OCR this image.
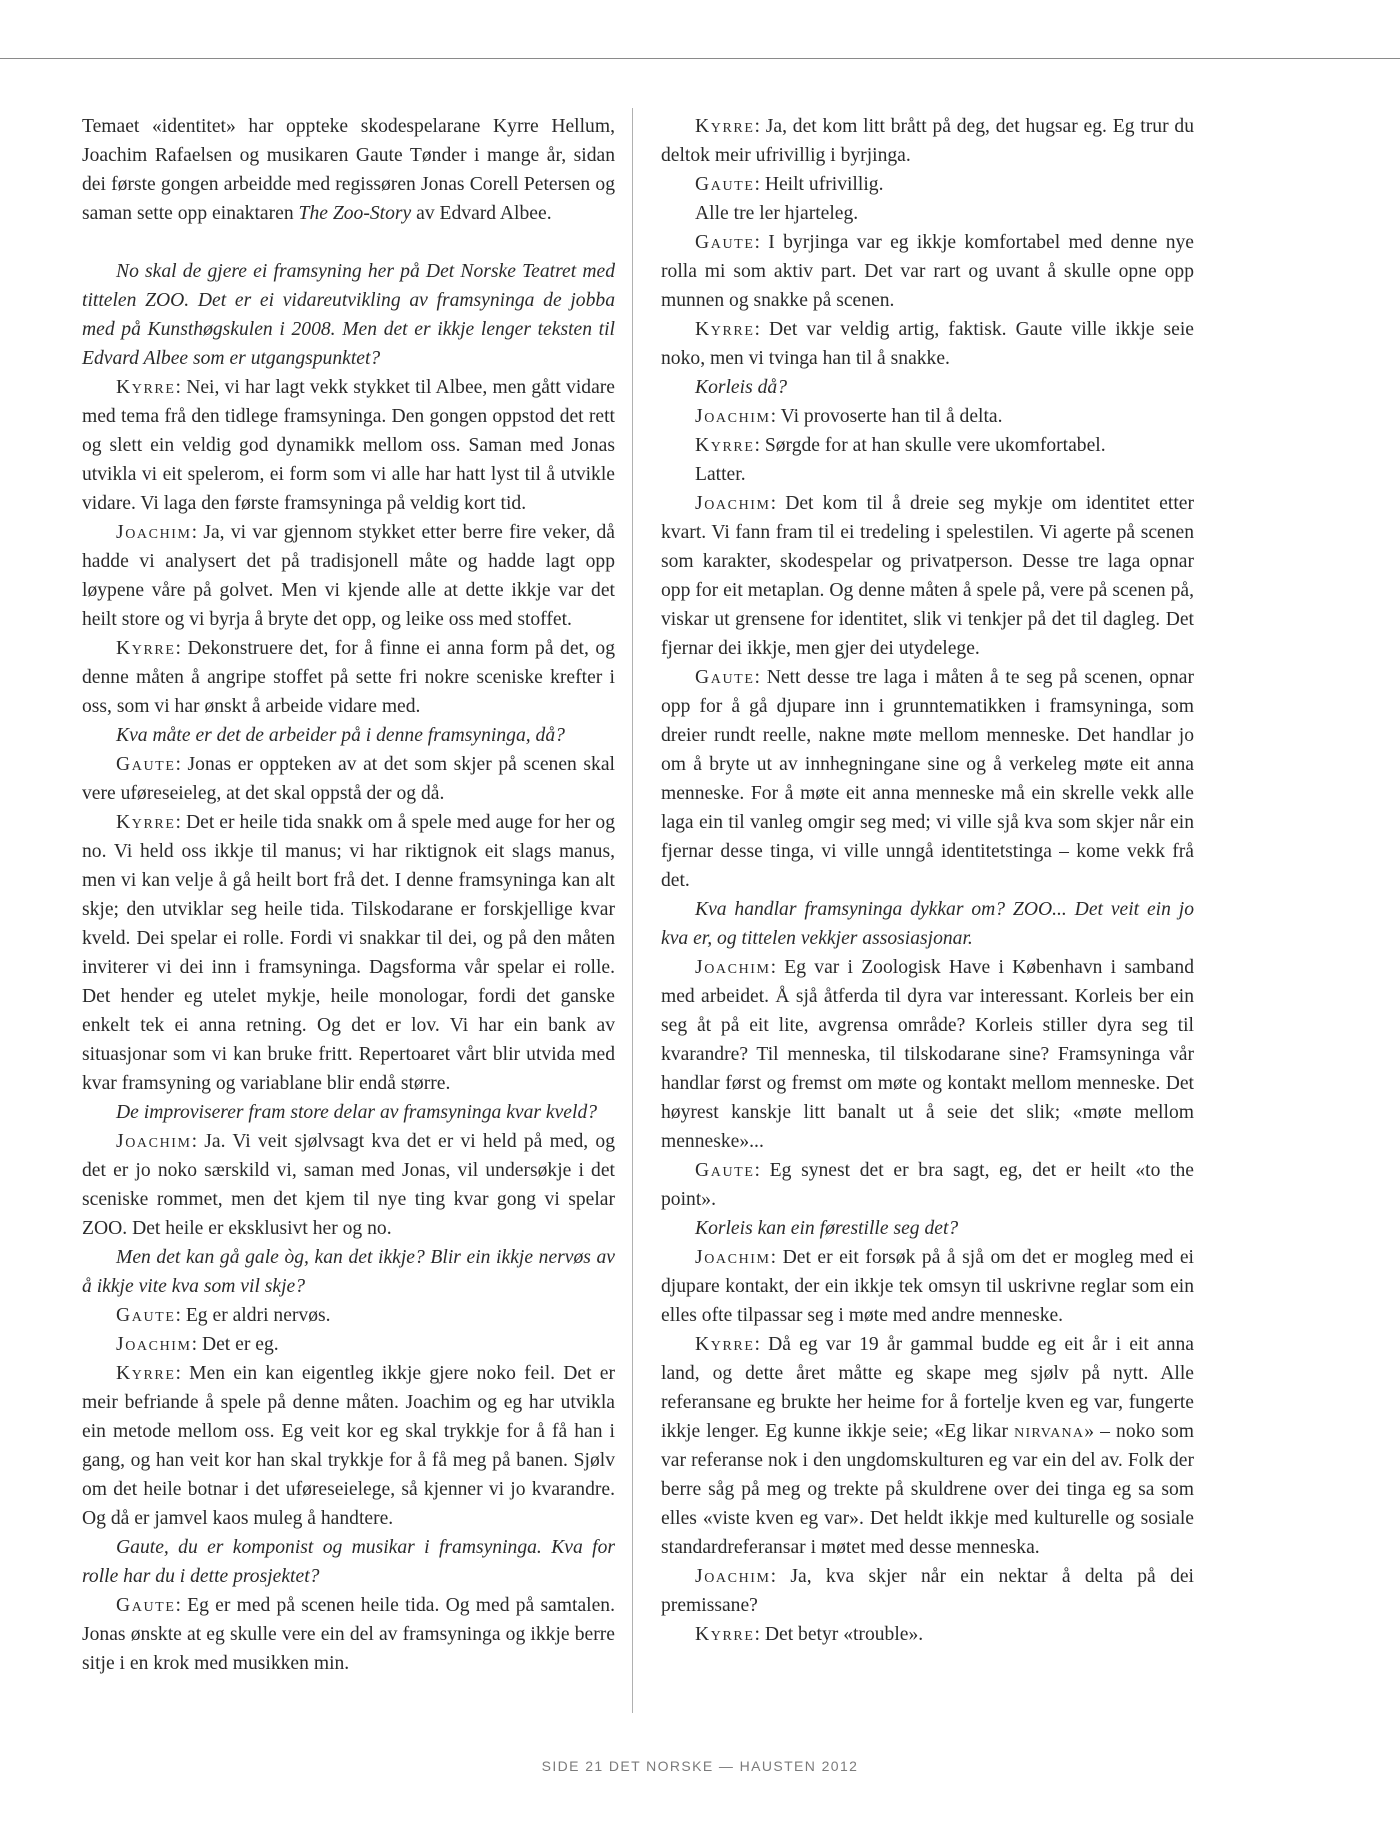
Temaet «identitet» har oppteke skodespelarane Kyrre Hellum, Joachim Rafaelsen og musikaren Gaute Tønder i mange år, sidan dei første gongen arbeidde med regissøren Jonas Corell Petersen og saman sette opp einaktaren The Zoo-Story av Edvard Albee.

No skal de gjere ei framsyning her på Det Norske Teatret med tittelen ZOO. Det er ei vidareutvikling av framsyninga de jobba med på Kunsthøgskulen i 2008. Men det er ikkje lenger teksten til Edvard Albee som er utgangspunktet?

Kyrre: Nei, vi har lagt vekk stykket til Albee, men gått vidare med tema frå den tidlege framsyninga. Den gongen oppstod det rett og slett ein veldig god dynamikk mellom oss. Saman med Jonas utvikla vi eit spelerom, ei form som vi alle har hatt lyst til å utvikle vidare. Vi laga den første framsyninga på veldig kort tid.

Joachim: Ja, vi var gjennom stykket etter berre fire veker, då hadde vi analysert det på tradisjonell måte og hadde lagt opp løypene våre på golvet. Men vi kjende alle at dette ikkje var det heilt store og vi byrja å bryte det opp, og leike oss med stoffet.

Kyrre: Dekonstruere det, for å finne ei anna form på det, og denne måten å angripe stoffet på sette fri nokre sceniske krefter i oss, som vi har ønskt å arbeide vidare med.

Kva måte er det de arbeider på i denne framsyninga, då?

Gaute: Jonas er oppteken av at det som skjer på scenen skal vere uføreseieleg, at det skal oppstå der og då.

Kyrre: Det er heile tida snakk om å spele med auge for her og no. Vi held oss ikkje til manus; vi har riktignok eit slags manus, men vi kan velje å gå heilt bort frå det. I denne framsyninga kan alt skje; den utviklar seg heile tida. Tilskodarane er forskjellige kvar kveld. Dei spelar ei rolle. Fordi vi snakkar til dei, og på den måten inviterer vi dei inn i framsyninga. Dagsforma vår spelar ei rolle. Det hender eg utelet mykje, heile monologar, fordi det ganske enkelt tek ei anna retning. Og det er lov. Vi har ein bank av situasjonar som vi kan bruke fritt. Repertoaret vårt blir utvida med kvar framsyning og variablane blir endå større.

De improviserer fram store delar av framsyninga kvar kveld?

Joachim: Ja. Vi veit sjølvsagt kva det er vi held på med, og det er jo noko særskild vi, saman med Jonas, vil undersøkje i det sceniske rommet, men det kjem til nye ting kvar gong vi spelar ZOO. Det heile er eksklusivt her og no.

Men det kan gå gale òg, kan det ikkje? Blir ein ikkje nervøs av å ikkje vite kva som vil skje?

Gaute: Eg er aldri nervøs.

Joachim: Det er eg.

Kyrre: Men ein kan eigentleg ikkje gjere noko feil. Det er meir befriande å spele på denne måten. Joachim og eg har utvikla ein metode mellom oss. Eg veit kor eg skal trykkje for å få han i gang, og han veit kor han skal trykkje for å få meg på banen. Sjølv om det heile botnar i det uføreseielege, så kjenner vi jo kvarandre. Og då er jamvel kaos muleg å handtere.

Gaute, du er komponist og musikar i framsyninga. Kva for rolle har du i dette prosjektet?

Gaute: Eg er med på scenen heile tida. Og med på samtalen. Jonas ønskte at eg skulle vere ein del av framsyninga og ikkje berre sitje i en krok med musikken min.

Kyrre: Ja, det kom litt brått på deg, det hugsar eg. Eg trur du deltok meir ufrivillig i byrjinga.

Gaute: Heilt ufrivillig.

Alle tre ler hjarteleg.

Gaute: I byrjinga var eg ikkje komfortabel med denne nye rolla mi som aktiv part. Det var rart og uvant å skulle opne opp munnen og snakke på scenen.

Kyrre: Det var veldig artig, faktisk. Gaute ville ikkje seie noko, men vi tvinga han til å snakke.

Korleis då?

Joachim: Vi provoserte han til å delta.

Kyrre: Sørgde for at han skulle vere ukomfortabel.

Latter.

Joachim: Det kom til å dreie seg mykje om identitet etter kvart. Vi fann fram til ei tredeling i spelestilen. Vi agerte på scenen som karakter, skodespelar og privatperson. Desse tre laga opnar opp for eit metaplan. Og denne måten å spele på, vere på scenen på, viskar ut grensene for identitet, slik vi tenkjer på det til dagleg. Det fjernar dei ikkje, men gjer dei utydelege.

Gaute: Nett desse tre laga i måten å te seg på scenen, opnar opp for å gå djupare inn i grunntematikken i framsyninga, som dreier rundt reelle, nakne møte mellom menneske. Det handlar jo om å bryte ut av innhegningane sine og å verkeleg møte eit anna menneske. For å møte eit anna menneske må ein skrelle vekk alle laga ein til vanleg omgir seg med; vi ville sjå kva som skjer når ein fjernar desse tinga, vi ville unngå identitetstinga – kome vekk frå det.

Kva handlar framsyninga dykkar om? ZOO... Det veit ein jo kva er, og tittelen vekkjer assosiasjonar.

Joachim: Eg var i Zoologisk Have i København i samband med arbeidet. Å sjå åtferda til dyra var interessant. Korleis ber ein seg åt på eit lite, avgrensa område? Korleis stiller dyra seg til kvarandre? Til menneska, til tilskodarane sine? Framsyninga vår handlar først og fremst om møte og kontakt mellom menneske. Det høyrest kanskje litt banalt ut å seie det slik; «møte mellom menneske»...

Gaute: Eg synest det er bra sagt, eg, det er heilt «to the point».

Korleis kan ein førestille seg det?

Joachim: Det er eit forsøk på å sjå om det er mogleg med ei djupare kontakt, der ein ikkje tek omsyn til uskrivne reglar som ein elles ofte tilpassar seg i møte med andre menneske.

Kyrre: Då eg var 19 år gammal budde eg eit år i eit anna land, og dette året måtte eg skape meg sjølv på nytt. Alle referansane eg brukte her heime for å fortelje kven eg var, fungerte ikkje lenger. Eg kunne ikkje seie; «Eg likar nirvana» – noko som var referanse nok i den ungdomskulturen eg var ein del av. Folk der berre såg på meg og trekte på skuldrene over dei tinga eg sa som elles «viste kven eg var». Det heldt ikkje med kulturelle og sosiale standardreferansar i møtet med desse menneska.

Joachim: Ja, kva skjer når ein nektar å delta på dei premissane?

Kyrre: Det betyr «trouble».

SIDE 21 DET NORSKE — HAUSTEN 2012
